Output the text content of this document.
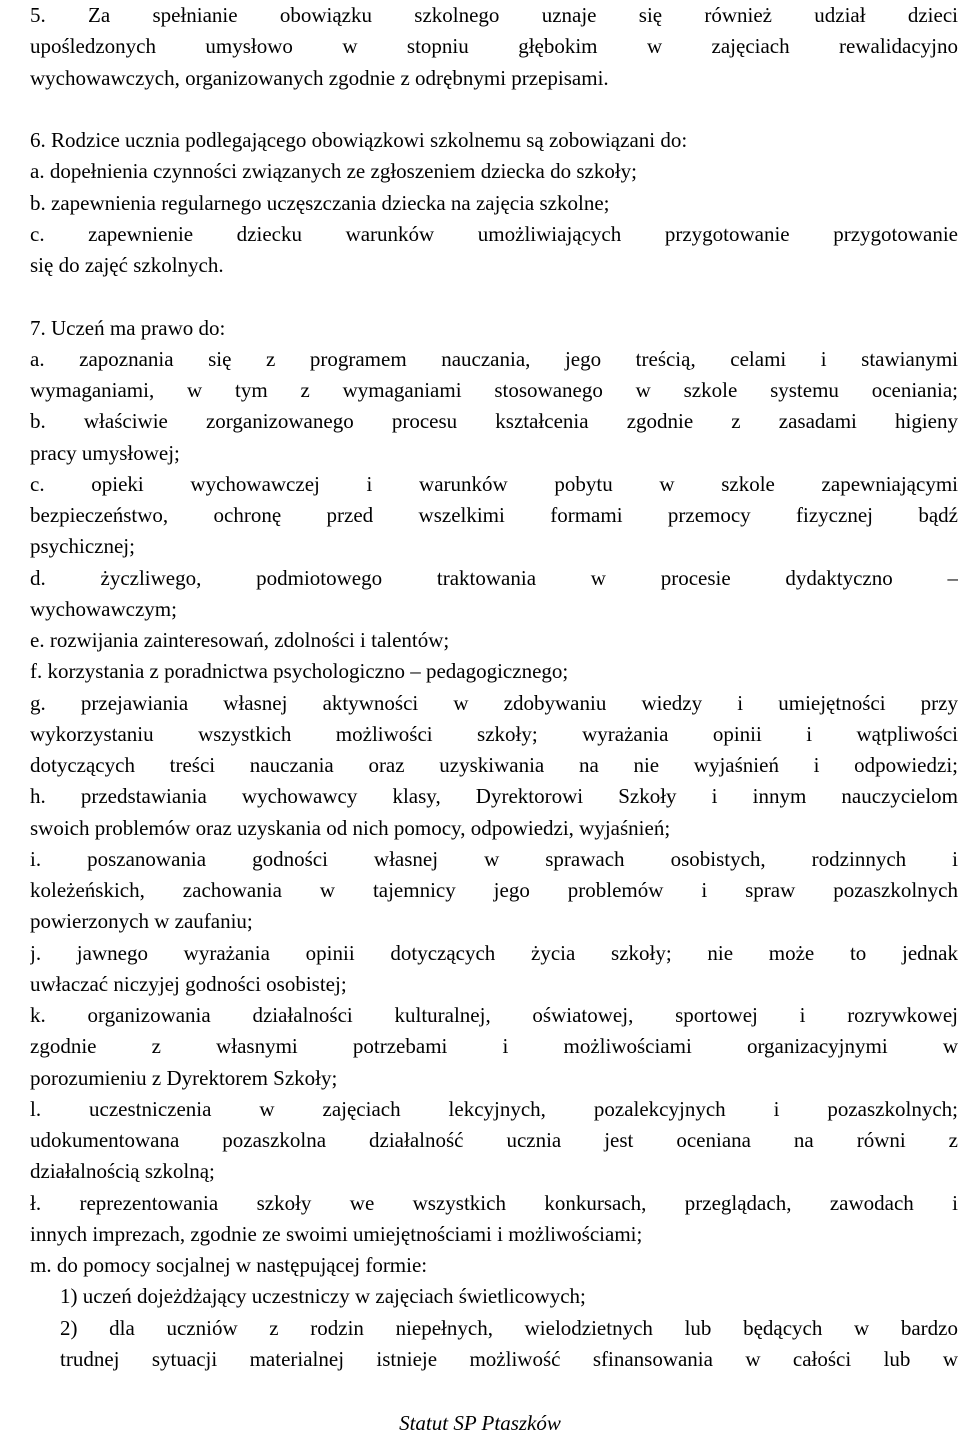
5. Za spełnianie obowiązku szkolnego uznaje się również udział dzieci
upośledzonych umysłowo w stopniu głębokim w zajęciach rewalidacyjno
wychowawczych, organizowanych zgodnie z odrębnymi przepisami.
6. Rodzice ucznia podlegającego obowiązkowi szkolnemu są zobowiązani do:
a. dopełnienia czynności związanych ze zgłoszeniem dziecka do szkoły;
b. zapewnienia regularnego uczęszczania dziecka na zajęcia szkolne;
c. zapewnienie dziecku warunków umożliwiających przygotowanie przygotowanie
się do zajęć szkolnych.
7. Uczeń ma prawo do:
a. zapoznania się z programem nauczania, jego treścią, celami i stawianymi
wymaganiami, w tym z wymaganiami stosowanego w szkole systemu oceniania;
b. właściwie zorganizowanego procesu kształcenia zgodnie z zasadami higieny
pracy umysłowej;
c. opieki wychowawczej i warunków pobytu w szkole zapewniającymi
bezpieczeństwo, ochronę przed wszelkimi formami przemocy fizycznej bądź
psychicznej;
d. życzliwego, podmiotowego traktowania w procesie dydaktyczno –
wychowawczym;
e. rozwijania zainteresowań, zdolności i talentów;
f. korzystania z poradnictwa psychologiczno – pedagogicznego;
g. przejawiania własnej aktywności w zdobywaniu wiedzy i umiejętności przy
wykorzystaniu wszystkich możliwości szkoły; wyrażania opinii i wątpliwości
dotyczących treści nauczania oraz uzyskiwania na nie wyjaśnień i odpowiedzi;
h. przedstawiania wychowawcy klasy, Dyrektorowi Szkoły i innym nauczycielom
swoich problemów oraz uzyskania od nich pomocy, odpowiedzi, wyjaśnień;
i. poszanowania godności własnej w sprawach osobistych, rodzinnych i
koleżeńskich, zachowania w tajemnicy jego problemów i spraw pozaszkolnych
powierzonych w zaufaniu;
j. jawnego wyrażania opinii dotyczących życia szkoły; nie może to jednak
uwłaczać niczyjej godności osobistej;
k. organizowania działalności kulturalnej, oświatowej, sportowej i rozrywkowej
zgodnie z własnymi potrzebami i możliwościami organizacyjnymi w
porozumieniu z Dyrektorem Szkoły;
l. uczestniczenia w zajęciach lekcyjnych, pozalekcyjnych i pozaszkolnych;
udokumentowana pozaszkolna działalność ucznia jest oceniana na równi z
działalnością szkolną;
ł. reprezentowania szkoły we wszystkich konkursach, przeglądach, zawodach i
innych imprezach, zgodnie ze swoimi umiejętnościami i możliwościami;
m. do pomocy socjalnej w następującej formie:
1) uczeń dojeżdżający uczestniczy w zajęciach świetlicowych;
2) dla uczniów z rodzin niepełnych, wielodzietnych lub będących w bardzo
trudnej sytuacji materialnej istnieje możliwość sfinansowania w całości lub w
Statut SP Ptaszków
